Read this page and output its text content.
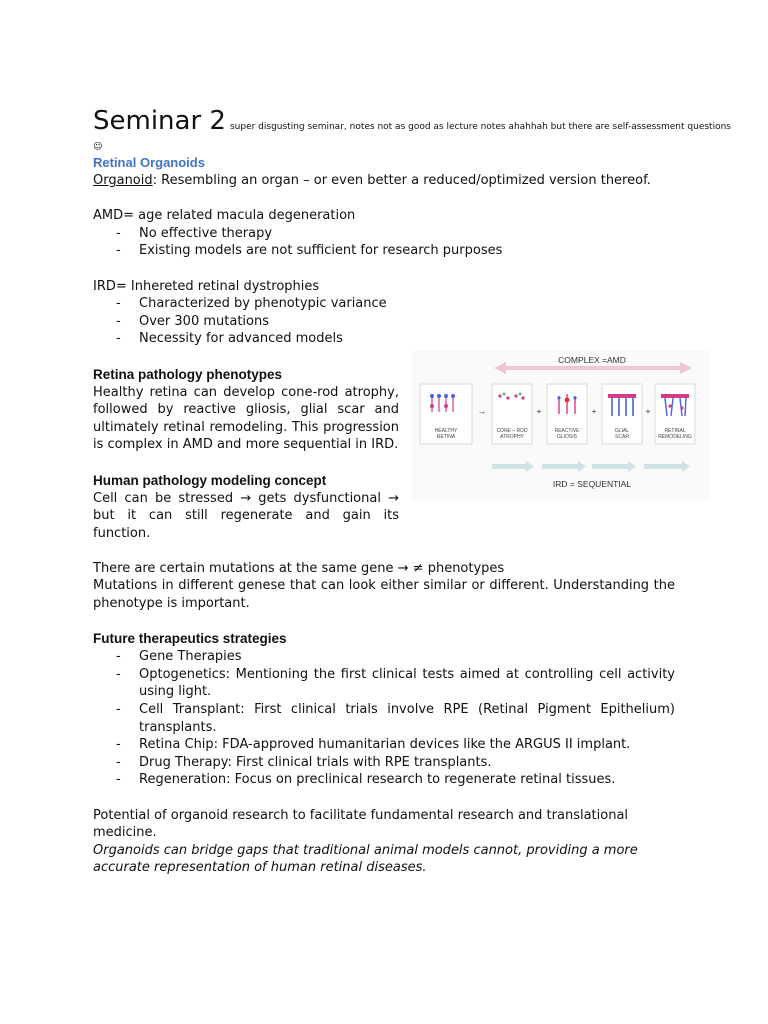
Seminar 2 super disgusting seminar, notes not as good as lecture notes ahahhah but there are self-assessment questions

☺

Retinal Organoids

Organoid: Resembling an organ – or even better a reduced/optimized version thereof.

AMD= age related macula degeneration

- No effective therapy
- Existing models are not sufficient for research purposes

IRD= Inhereted retinal dystrophies

- Characterized by phenotypic variance
- Over 300 mutations
- Necessity for advanced models

Retina pathology phenotypes

Healthy retina can develop cone-rod atrophy, followed by reactive gliosis, glial scar and ultimately retinal remodeling. This progression is complex in AMD and more sequential in IRD.

Human pathology modeling concept

Cell can be stressed → gets dysfunctional → but it can still regenerate and gain its function.

There are certain mutations at the same gene → ≠ phenotypes

Mutations in different genese that can look either similar or different. Understanding the phenotype is important.

Future therapeutics strategies

- Gene Therapies
- Optogenetics: Mentioning the first clinical tests aimed at controlling cell activity using light.
- Cell Transplant: First clinical trials involve RPE (Retinal Pigment Epithelium) transplants.
- Retina Chip: FDA-approved humanitarian devices like the ARGUS II implant.
- Drug Therapy: First clinical trials with RPE transplants.
- Regeneration: Focus on preclinical research to regenerate retinal tissues.

Potential of organoid research to facilitate fundamental research and translational medicine.

Organoids can bridge gaps that traditional animal models cannot, providing a more accurate representation of human retinal diseases.

COMPLEX =AMD
HEALTHY
RETINA
→
CONE – ROD
ATROPHY
+
REACTIVE
GLIOSIS
+
GLIAL
SCAR
+
RETINAL
REMODELING
IRD = SEQUENTIAL
